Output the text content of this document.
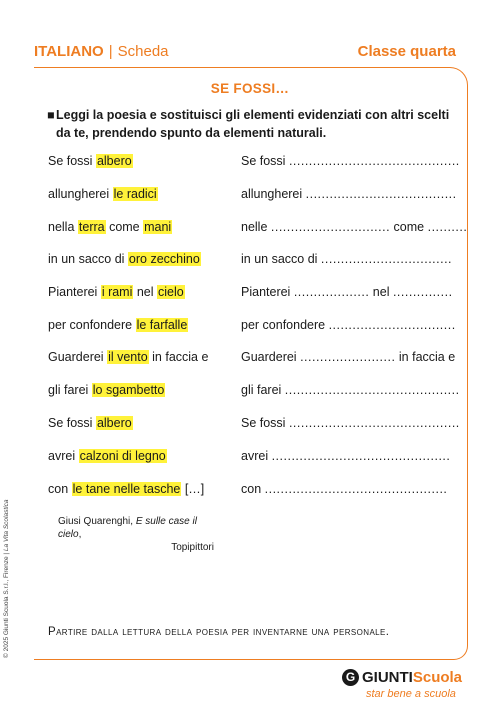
ITALIANO | Scheda	Classe quarta
SE FOSSI…
■ Leggi la poesia e sostituisci gli elementi evidenziati con altri scelti da te, prendendo spunto da elementi naturali.
Se fossi albero
allungherei le radici
nella terra come mani
in un sacco di oro zecchino
Pianterei i rami nel cielo
per confondere le farfalle
Guarderei il vento in faccia e
gli farei lo sgambetto
Se fossi albero
avrei calzoni di legno
con le tane nelle tasche […]
Se fossi ...........................................
allungherei ......................................
nelle .............................. come ..........
in un sacco di .................................
Pianterei ................... nel ...............
per confondere ................................
Guarderei ........................ in faccia e
gli farei ............................................
Se fossi ...........................................
avrei .............................................
con ..............................................
Giusi Quarenghi, E sulle case il cielo,
Topipittori
Partire dalla lettura della poesia per inventarne una personale.
© 2025 Giunti Scuola S.r.l., Firenze | La Vita Scolastica
G GIUNTIScuola
star bene a scuola
